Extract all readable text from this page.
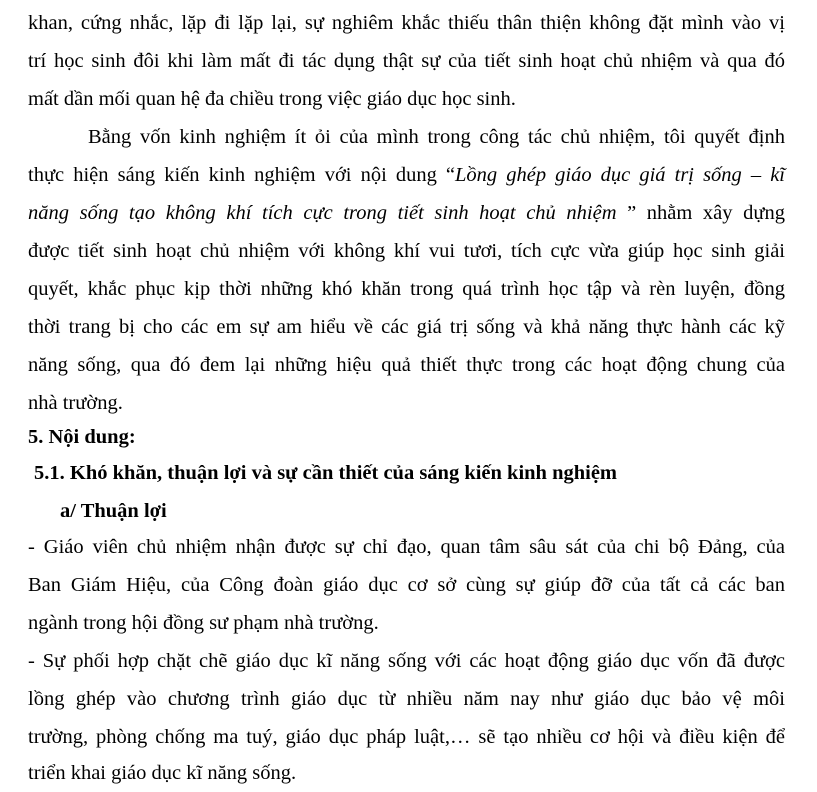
khan, cứng nhắc, lặp đi lặp lại, sự nghiêm khắc thiếu thân thiện không đặt mình vào vị
trí học sinh đôi khi làm mất đi tác dụng thật sự của tiết sinh hoạt chủ nhiệm và qua đó
mất dần mối quan hệ đa chiều trong việc giáo dục học sinh.
Bằng vốn kinh nghiệm ít ỏi của mình trong công tác chủ nhiệm, tôi quyết định
thực hiện sáng kiến kinh nghiệm với nội dung “Lồng ghép giáo dục giá trị sống – kĩ
năng sống tạo không khí tích cực trong tiết sinh hoạt chủ nhiệm ” nhằm xây dựng
được tiết sinh hoạt chủ nhiệm với không khí vui tươi, tích cực vừa giúp học sinh giải
quyết, khắc phục kịp thời những khó khăn trong quá trình học tập và rèn luyện, đồng
thời trang bị cho các em sự am hiểu về các giá trị sống và khả năng thực hành các kỹ
năng sống, qua đó đem lại những hiệu quả thiết thực trong các hoạt động chung của
nhà trường.
5. Nội dung:
5.1. Khó khăn, thuận lợi và sự cần thiết của sáng kiến kinh nghiệm
a/ Thuận lợi
- Giáo viên chủ nhiệm nhận được sự chỉ đạo, quan tâm sâu sát của chi bộ Đảng, của
Ban Giám Hiệu, của Công đoàn giáo dục cơ sở cùng sự giúp đỡ của tất cả các ban
ngành trong hội đồng sư phạm nhà trường.
- Sự phối hợp chặt chẽ giáo dục kĩ năng sống với các hoạt động giáo dục vốn đã được
lồng ghép vào chương trình giáo dục từ nhiều năm nay như giáo dục bảo vệ môi
trường, phòng chống ma tuý, giáo dục pháp luật,… sẽ tạo nhiều cơ hội và điều kiện để
triển khai giáo dục kĩ năng sống.
